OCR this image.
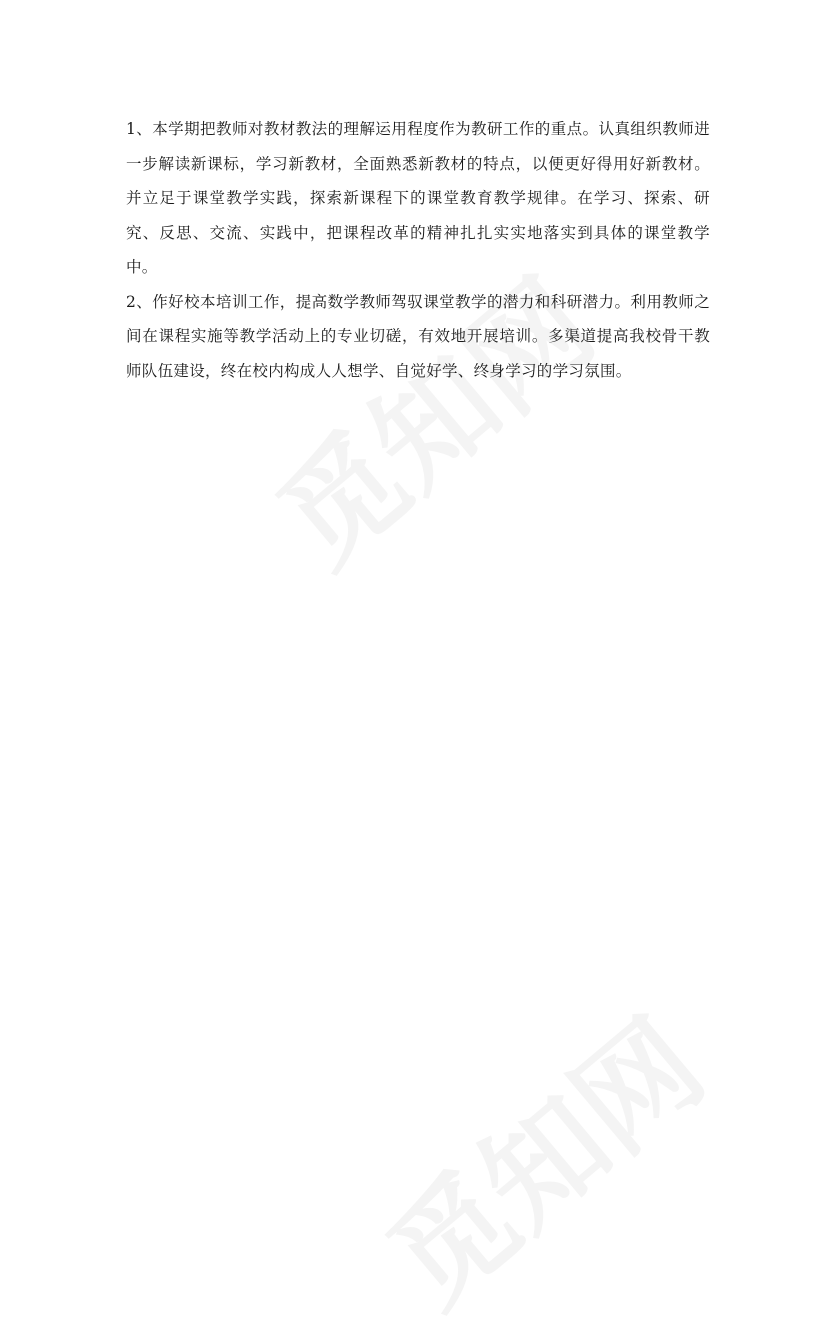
1、本学期把教师对教材教法的理解运用程度作为教研工作的重点。认真组织教师进一步解读新课标，学习新教材，全面熟悉新教材的特点，以便更好得用好新教材。并立足于课堂教学实践，探索新课程下的课堂教育教学规律。在学习、探索、研究、反思、交流、实践中，把课程改革的精神扎扎实实地落实到具体的课堂教学中。

2、作好校本培训工作，提高数学教师驾驭课堂教学的潜力和科研潜力。利用教师之间在课程实施等教学活动上的专业切磋，有效地开展培训。多渠道提高我校骨干教师队伍建设，终在校内构成人人想学、自觉好学、终身学习的学习氛围。
